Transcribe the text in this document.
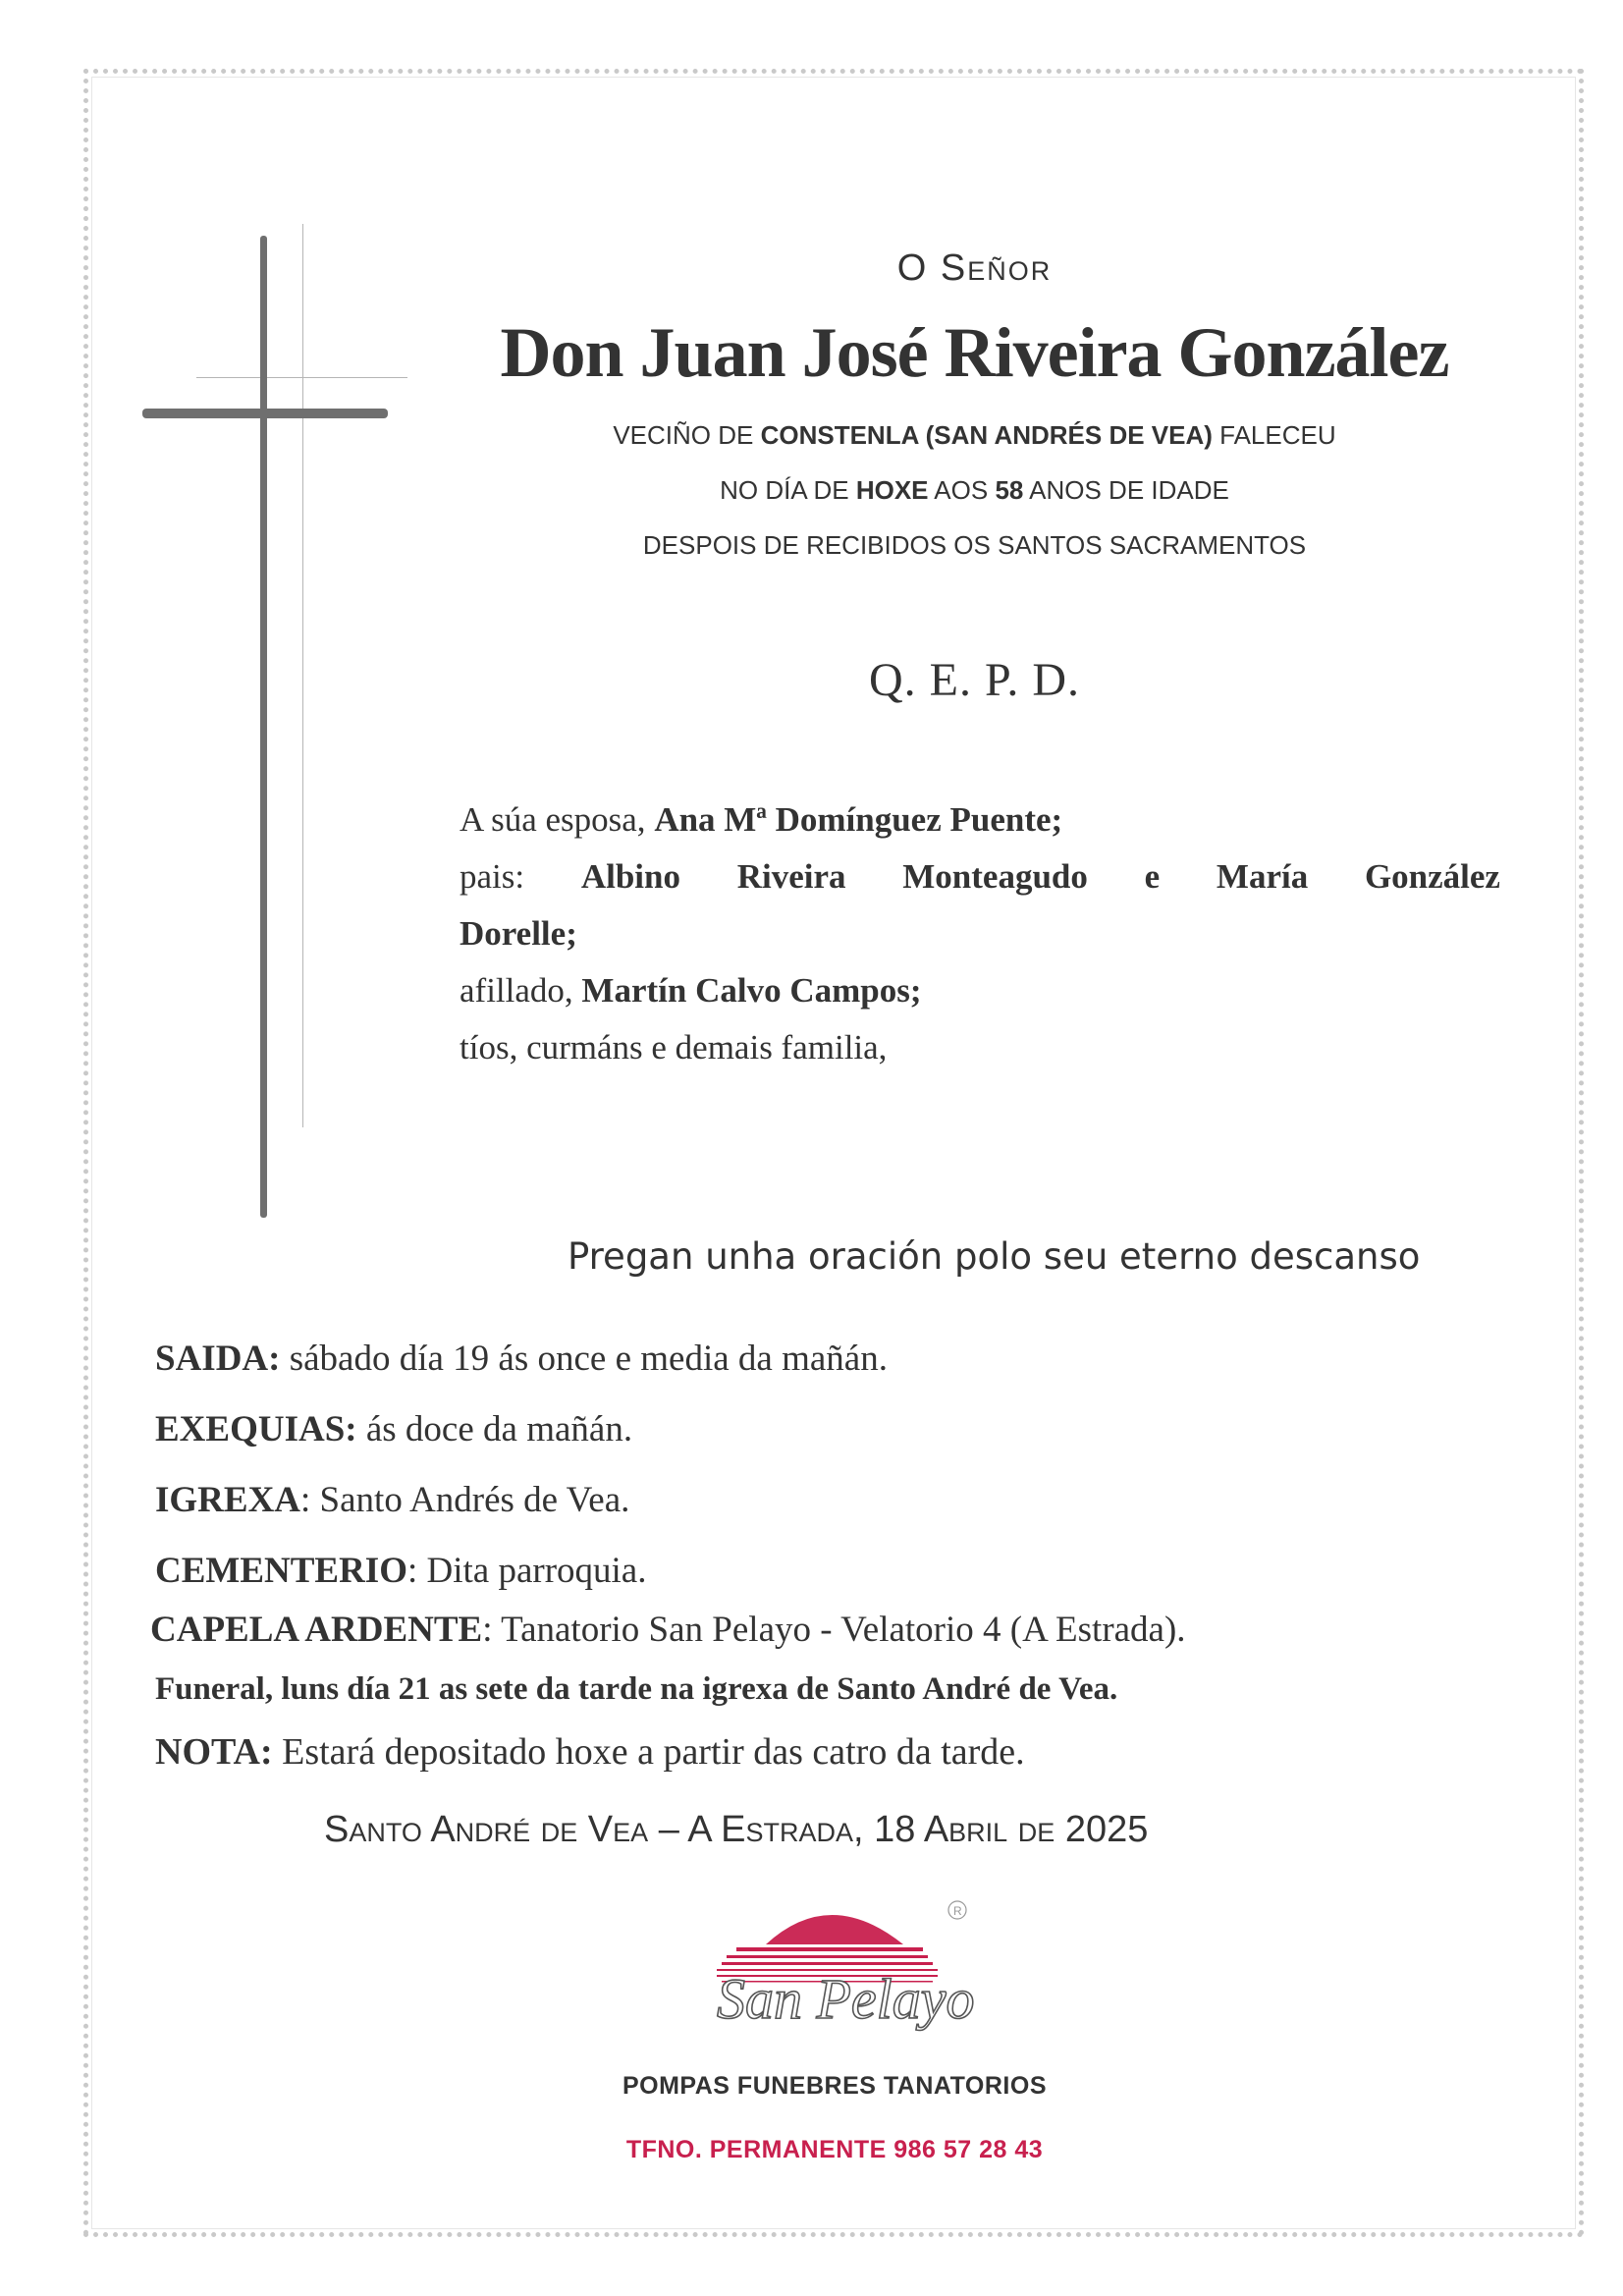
O Señor
Don Juan José Riveira González
VECIÑO DE CONSTENLA (SAN ANDRÉS DE VEA) FALECEU
NO DÍA DE HOXE AOS 58 ANOS DE IDADE
DESPOIS DE RECIBIDOS OS SANTOS SACRAMENTOS
Q. E. P. D.
A súa esposa, Ana Mª Domínguez Puente;
pais: Albino Riveira Monteagudo e María González
Dorelle;
afillado, Martín Calvo Campos;
tíos, curmáns e demais familia,
Pregan unha oración polo seu eterno descanso
SAIDA: sábado día 19 ás once e media da mañán.
EXEQUIAS: ás doce da mañán.
IGREXA: Santo Andrés de Vea.
CEMENTERIO: Dita parroquia.
CAPELA ARDENTE: Tanatorio San Pelayo - Velatorio 4 (A Estrada).
Funeral, luns día 21 as sete da tarde na igrexa de Santo André de Vea.
NOTA: Estará depositado hoxe a partir das catro da tarde.
Santo André de Vea – A Estrada, 18 Abril de 2025
San Pelayo
R
POMPAS FUNEBRES TANATORIOS
TFNO. PERMANENTE 986 57 28 43
